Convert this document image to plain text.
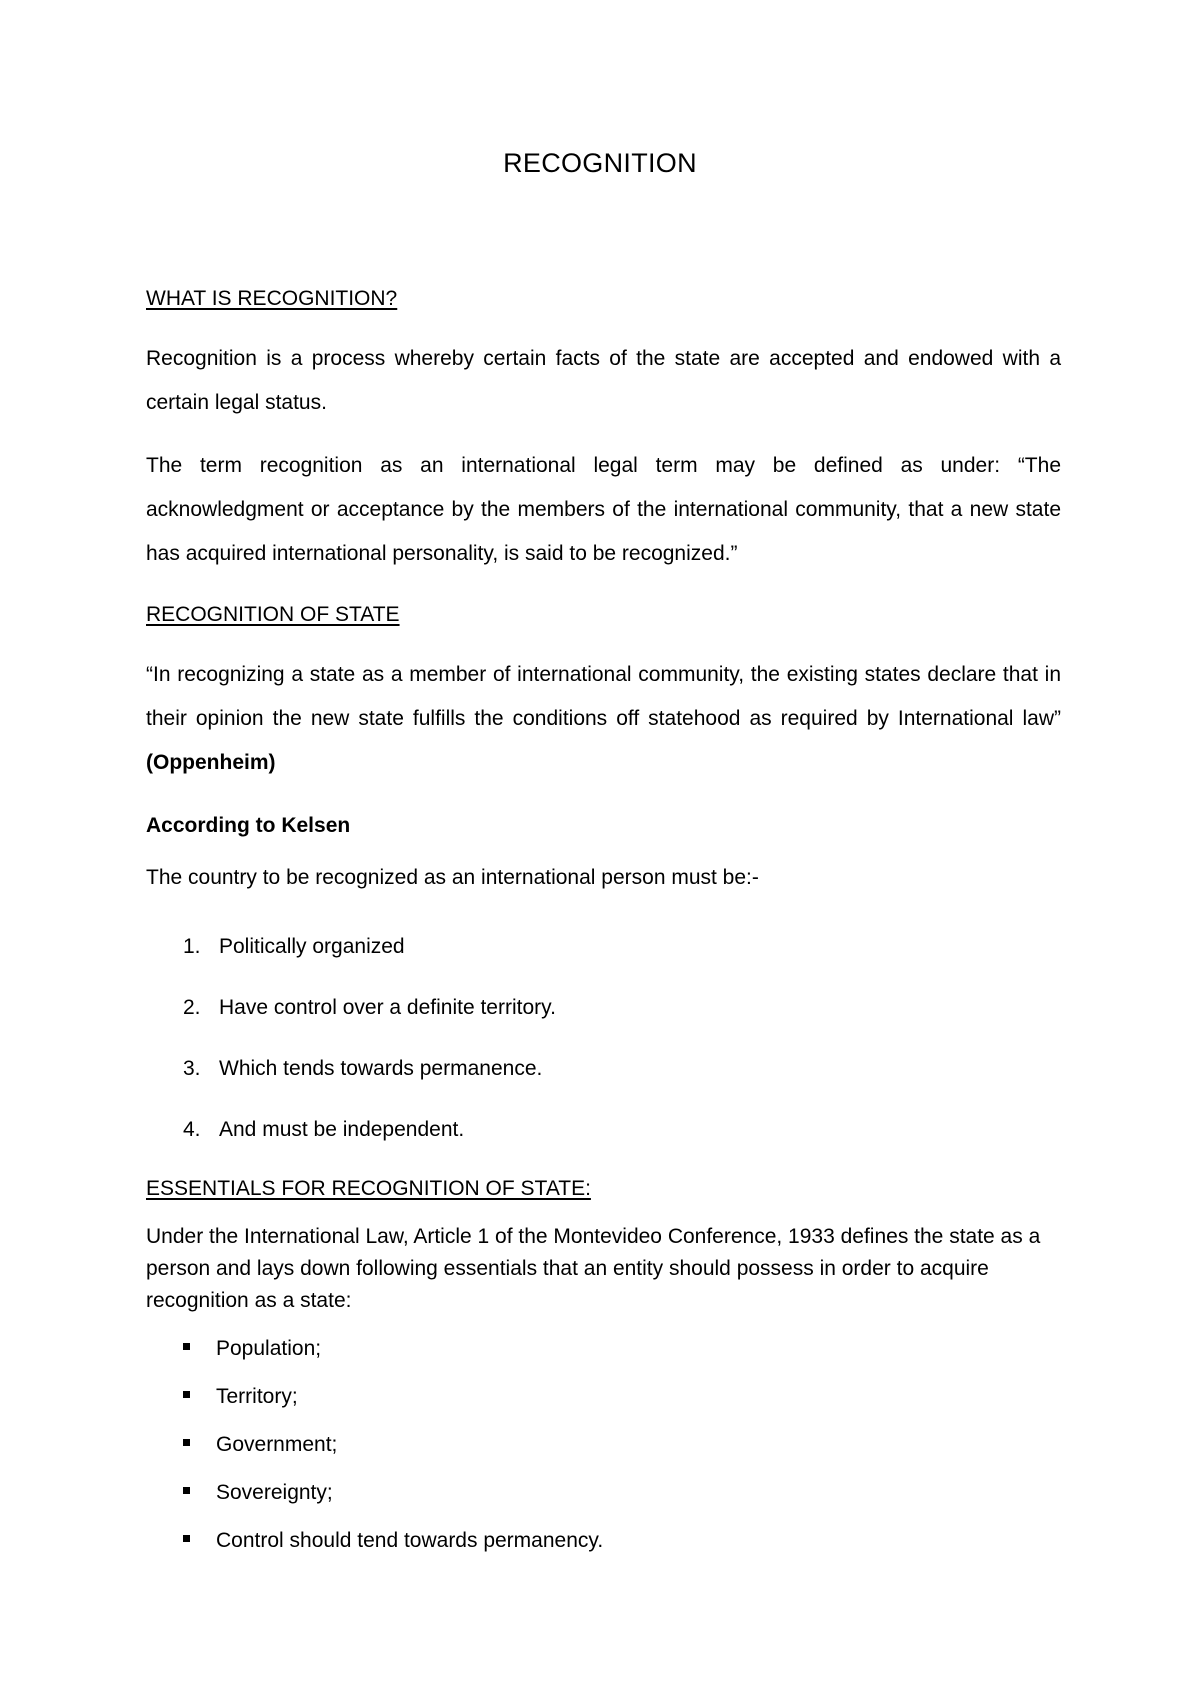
RECOGNITION
WHAT IS RECOGNITION?
Recognition is a process whereby certain facts of the state are accepted and endowed with a certain legal status.
The term recognition as an international legal term may be defined as under: “The acknowledgment or acceptance by the members of the international community, that a new state has acquired international personality, is said to be recognized.”
RECOGNITION OF STATE
“In recognizing a state as a member of international community, the existing states declare that in their opinion the new state fulfills the conditions off statehood as required by International law” (Oppenheim)
According to Kelsen
The country to be recognized as an international person must be:-
1. Politically organized
2. Have control over a definite territory.
3. Which tends towards permanence.
4. And must be independent.
ESSENTIALS FOR RECOGNITION OF STATE:
Under the International Law, Article 1 of the Montevideo Conference, 1933 defines the state as a person and lays down following essentials that an entity should possess in order to acquire recognition as a state:
Population;
Territory;
Government;
Sovereignty;
Control should tend towards permanency.
